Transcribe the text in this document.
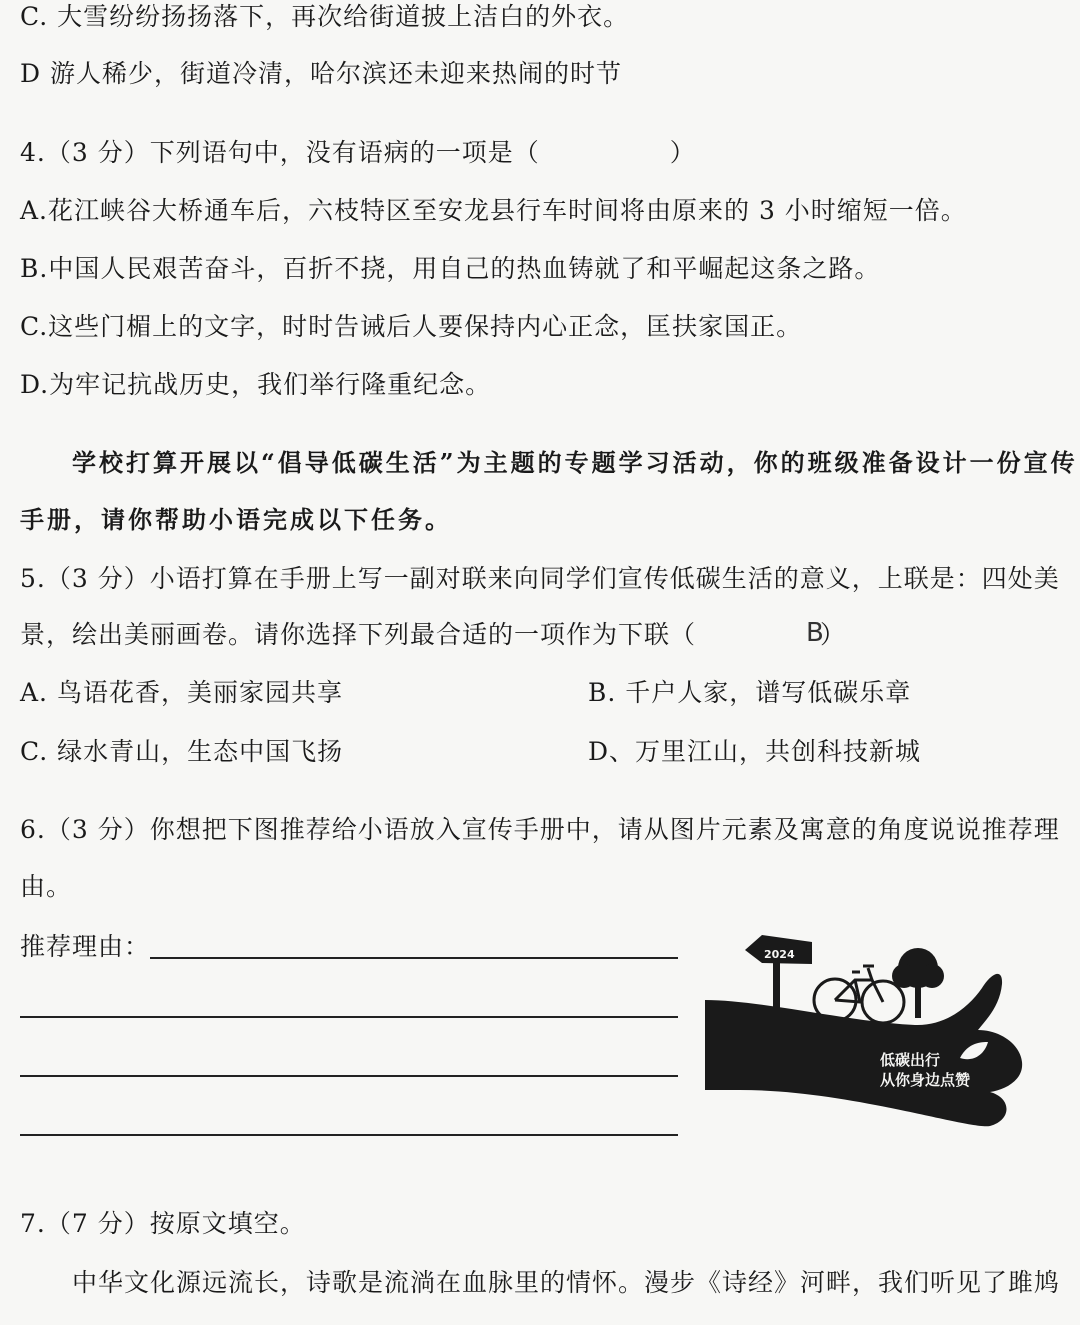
C. 大雪纷纷扬扬落下，再次给街道披上洁白的外衣。
D 游人稀少，街道冷清，哈尔滨还未迎来热闹的时节
4.（3 分）下列语句中，没有语病的一项是（　　　　　）
A.花江峡谷大桥通车后，六枝特区至安龙县行车时间将由原来的 3 小时缩短一倍。
B.中国人民艰苦奋斗，百折不挠，用自己的热血铸就了和平崛起这条之路。
C.这些门楣上的文字，时时告诫后人要保持内心正念，匡扶家国正。
D.为牢记抗战历史，我们举行隆重纪念。
学校打算开展以“倡导低碳生活”为主题的专题学习活动，你的班级准备设计一份宣传
手册，请你帮助小语完成以下任务。
5.（3 分）小语打算在手册上写一副对联来向同学们宣传低碳生活的意义，上联是：四处美
景，绘出美丽画卷。请你选择下列最合适的一项作为下联（	B
）
A. 鸟语花香，美丽家园共享	B. 千户人家，谱写低碳乐章
C. 绿水青山，生态中国飞扬	D、万里江山，共创科技新城
6.（3 分）你想把下图推荐给小语放入宣传手册中，请从图片元素及寓意的角度说说推荐理
由。
推荐理由：	2024
低碳出行
从你身边点赞
7.（7 分）按原文填空。
中华文化源远流长，诗歌是流淌在血脉里的情怀。漫步《诗经》河畔，我们听见了雎鸠
